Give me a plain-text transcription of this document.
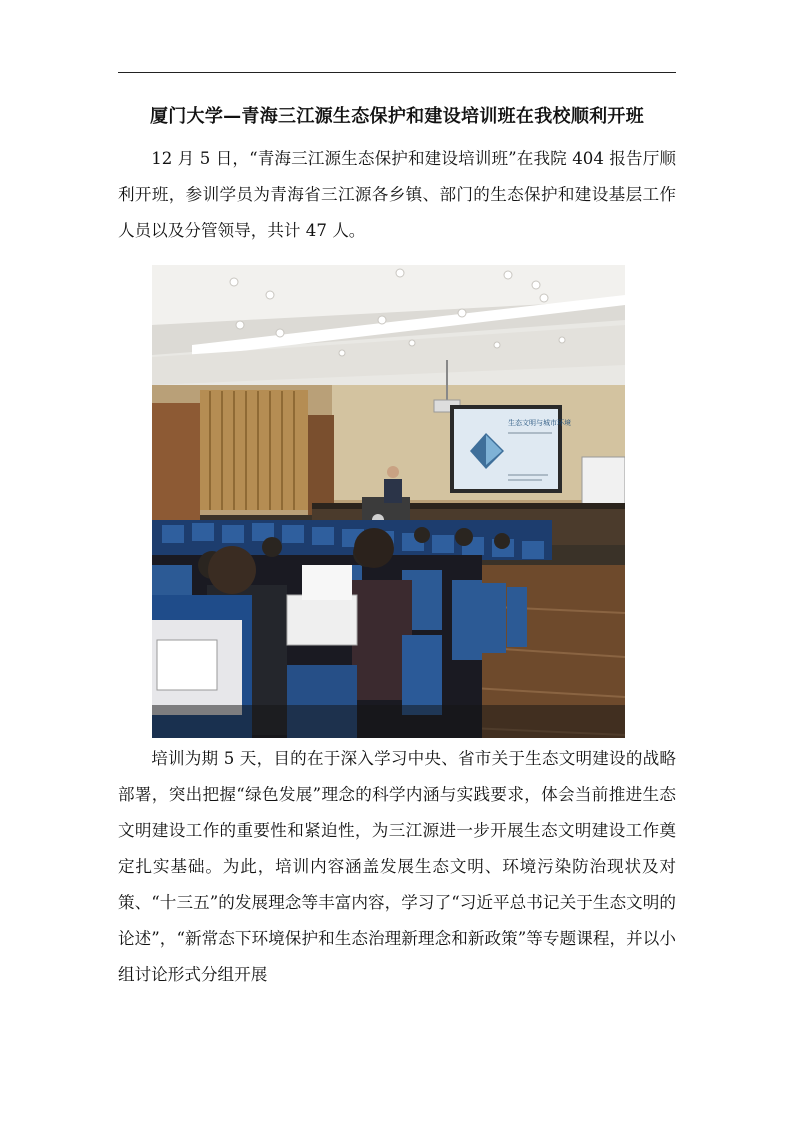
厦门大学—青海三江源生态保护和建设培训班在我校顺利开班

12 月 5 日，“青海三江源生态保护和建设培训班”在我院 404 报告厅顺利开班，参训学员为青海省三江源各乡镇、部门的生态保护和建设基层工作人员以及分管领导，共计 47 人。

生态文明与城市环境

培训为期 5 天，目的在于深入学习中央、省市关于生态文明建设的战略部署，突出把握“绿色发展”理念的科学内涵与实践要求，体会当前推进生态文明建设工作的重要性和紧迫性，为三江源进一步开展生态文明建设工作奠定扎实基础。为此，培训内容涵盖发展生态文明、环境污染防治现状及对策、“十三五”的发展理念等丰富内容，学习了“习近平总书记关于生态文明的论述”，“新常态下环境保护和生态治理新理念和新政策”等专题课程，并以小组讨论形式分组开展
